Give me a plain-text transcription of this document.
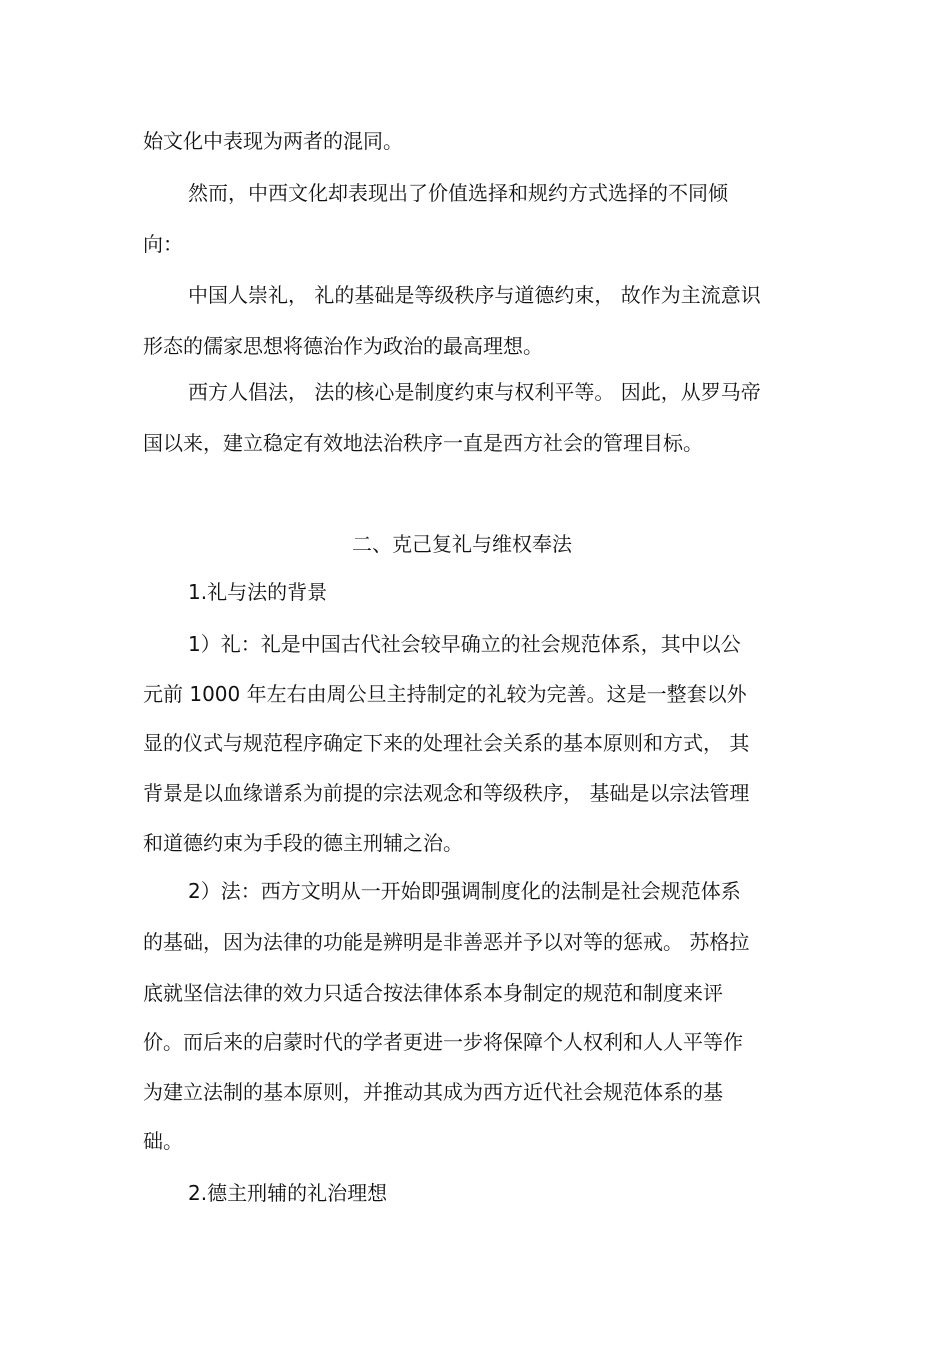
始文化中表现为两者的混同。

然而，中西文化却表现出了价值选择和规约方式选择的不同倾

向：

中国人崇礼， 礼的基础是等级秩序与道德约束， 故作为主流意识

形态的儒家思想将德治作为政治的最高理想。

西方人倡法， 法的核心是制度约束与权利平等。 因此，从罗马帝

国以来，建立稳定有效地法治秩序一直是西方社会的管理目标。

二、克己复礼与维权奉法

1.礼与法的背景

1）礼：礼是中国古代社会较早确立的社会规范体系，其中以公

元前 1000 年左右由周公旦主持制定的礼较为完善。这是一整套以外

显的仪式与规范程序确定下来的处理社会关系的基本原则和方式， 其

背景是以血缘谱系为前提的宗法观念和等级秩序， 基础是以宗法管理

和道德约束为手段的德主刑辅之治。

2）法：西方文明从一开始即强调制度化的法制是社会规范体系

的基础，因为法律的功能是辨明是非善恶并予以对等的惩戒。 苏格拉

底就坚信法律的效力只适合按法律体系本身制定的规范和制度来评

价。而后来的启蒙时代的学者更进一步将保障个人权利和人人平等作

为建立法制的基本原则，并推动其成为西方近代社会规范体系的基

础。

2.德主刑辅的礼治理想
